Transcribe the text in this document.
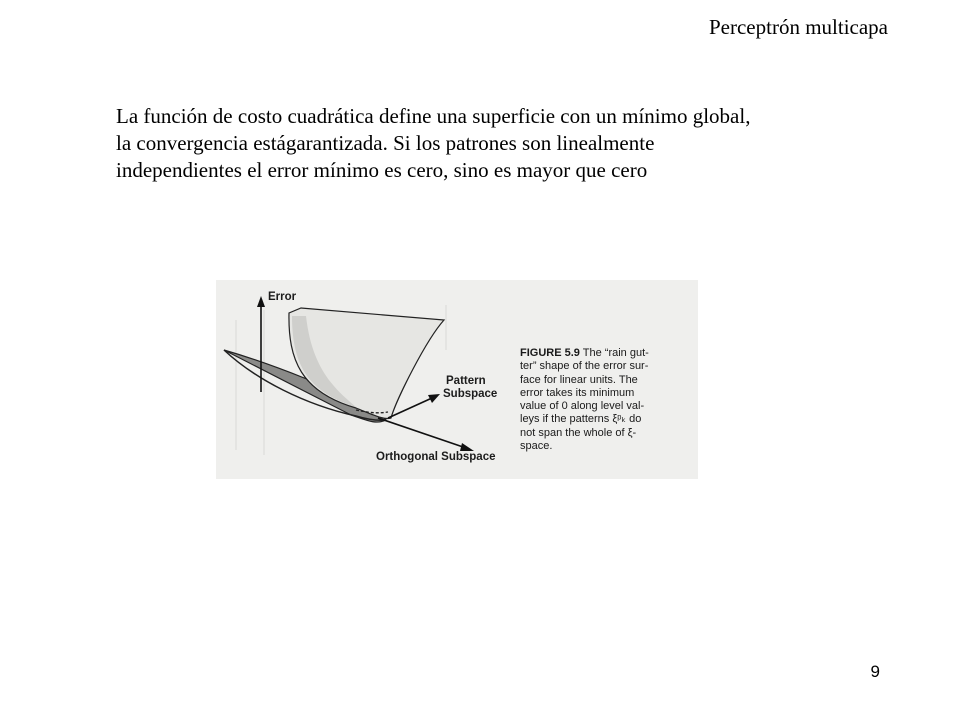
Perceptrón multicapa
La función de costo cuadrática define una superficie con un mínimo global,
la convergencia estágarantizada. Si los patrones son linealmente
independientes el error mínimo es cero, sino es mayor que cero
Error
Pattern
Subspace
Orthogonal Subspace
FIGURE 5.9 The “rain gut-
ter” shape of the error sur-
face for linear units. The
error takes its minimum
value of 0 along level val-
leys if the patterns ξᵖₖ do
not span the whole of ξ-
space.
9
